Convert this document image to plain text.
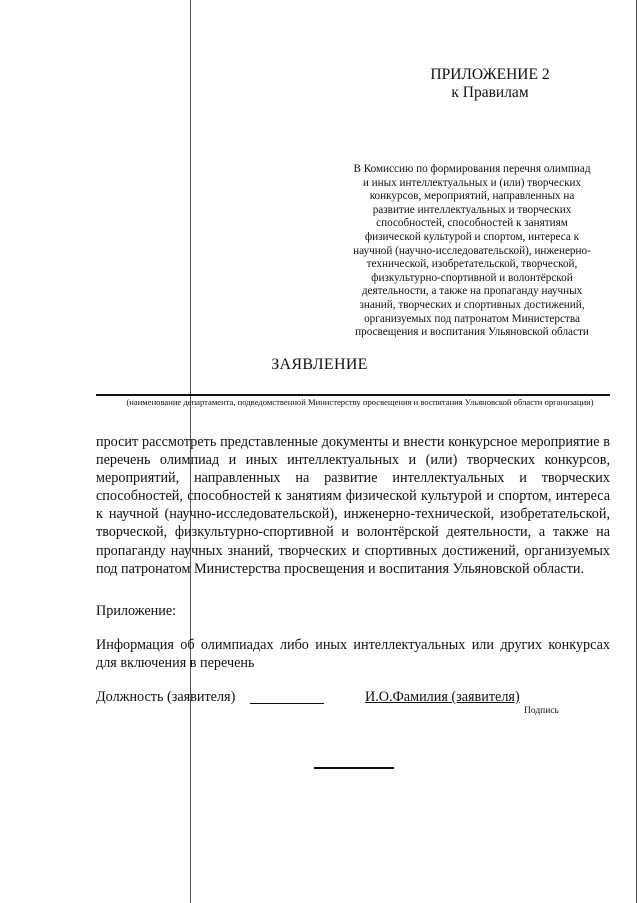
ПРИЛОЖЕНИЕ 2
к Правилам
В Комиссию по формирования перечня олимпиад
и иных интеллектуальных и (или) творческих
конкурсов, мероприятий, направленных на
развитие интеллектуальных и творческих
способностей, способностей к занятиям
физической культурой и спортом, интереса к
научной (научно-исследовательской), инженерно-
технической, изобретательской, творческой,
физкультурно-спортивной и волонтёрской
деятельности, а также на пропаганду научных
знаний, творческих и спортивных достижений,
организуемых под патронатом Министерства
просвещения и воспитания Ульяновской области
ЗАЯВЛЕНИЕ
(наименование департамента, подведомственной Министерству просвещения и воспитания Ульяновской области организации)
просит рассмотреть представленные документы и внести конкурсное мероприятие в перечень олимпиад и иных интеллектуальных и (или) творческих конкурсов, мероприятий, направленных на развитие интеллектуальных и творческих способностей, способностей к занятиям физической культурой и спортом, интереса к научной (научно-исследовательской), инженерно-технической, изобретательской, творческой, физкультурно-спортивной и волонтёрской деятельности, а также на пропаганду научных знаний, творческих и спортивных достижений, организуемых под патронатом Министерства просвещения и воспитания Ульяновской области.
Приложение:
Информация об олимпиадах либо иных интеллектуальных или других конкурсах для включения в перечень
Должность (заявителя)	И.О.Фамилия (заявителя)
Подпись
